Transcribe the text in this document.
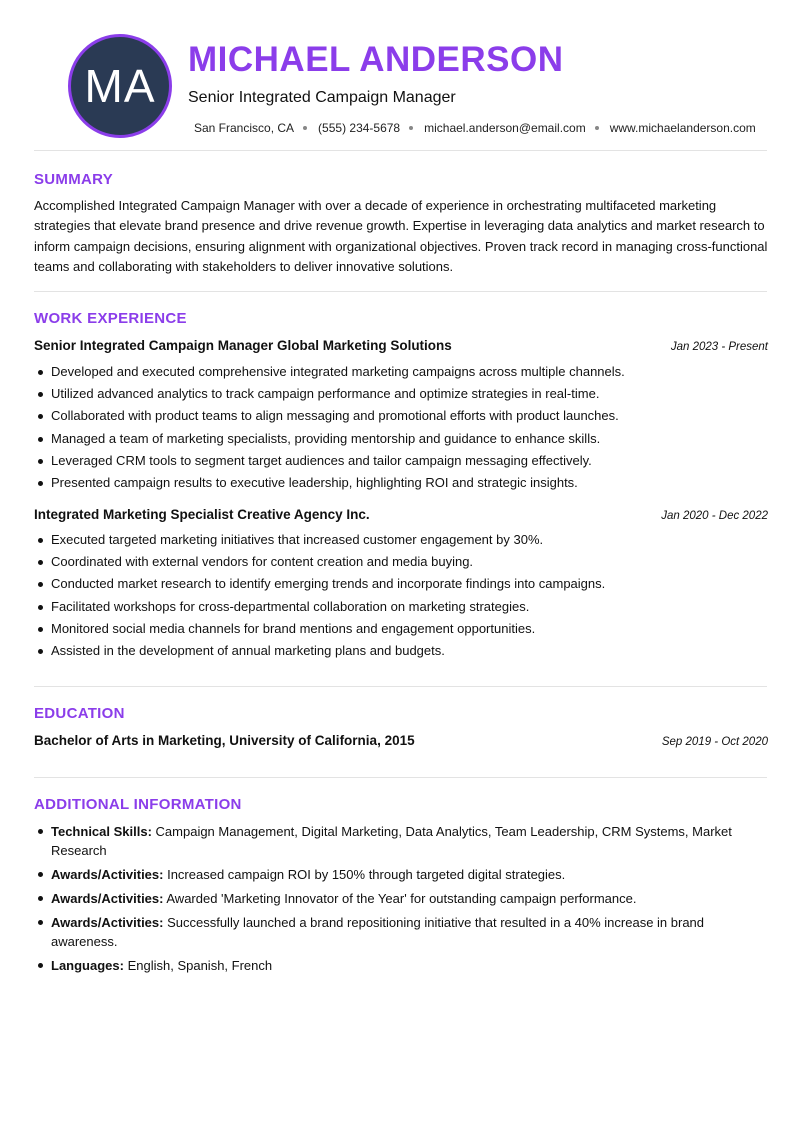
MA
MICHAEL ANDERSON
Senior Integrated Campaign Manager
San Francisco, CA (555) 234-5678 michael.anderson@email.com www.michaelanderson.com
SUMMARY
Accomplished Integrated Campaign Manager with over a decade of experience in orchestrating multifaceted marketing strategies that elevate brand presence and drive revenue growth. Expertise in leveraging data analytics and market research to inform campaign decisions, ensuring alignment with organizational objectives. Proven track record in managing cross-functional teams and collaborating with stakeholders to deliver innovative solutions.
WORK EXPERIENCE
Senior Integrated Campaign Manager Global Marketing Solutions	Jan 2023 - Present
Developed and executed comprehensive integrated marketing campaigns across multiple channels.
Utilized advanced analytics to track campaign performance and optimize strategies in real-time.
Collaborated with product teams to align messaging and promotional efforts with product launches.
Managed a team of marketing specialists, providing mentorship and guidance to enhance skills.
Leveraged CRM tools to segment target audiences and tailor campaign messaging effectively.
Presented campaign results to executive leadership, highlighting ROI and strategic insights.
Integrated Marketing Specialist Creative Agency Inc.	Jan 2020 - Dec 2022
Executed targeted marketing initiatives that increased customer engagement by 30%.
Coordinated with external vendors for content creation and media buying.
Conducted market research to identify emerging trends and incorporate findings into campaigns.
Facilitated workshops for cross-departmental collaboration on marketing strategies.
Monitored social media channels for brand mentions and engagement opportunities.
Assisted in the development of annual marketing plans and budgets.
EDUCATION
Bachelor of Arts in Marketing, University of California, 2015	Sep 2019 - Oct 2020
ADDITIONAL INFORMATION
Technical Skills: Campaign Management, Digital Marketing, Data Analytics, Team Leadership, CRM Systems, Market Research
Awards/Activities: Increased campaign ROI by 150% through targeted digital strategies.
Awards/Activities: Awarded 'Marketing Innovator of the Year' for outstanding campaign performance.
Awards/Activities: Successfully launched a brand repositioning initiative that resulted in a 40% increase in brand awareness.
Languages: English, Spanish, French
